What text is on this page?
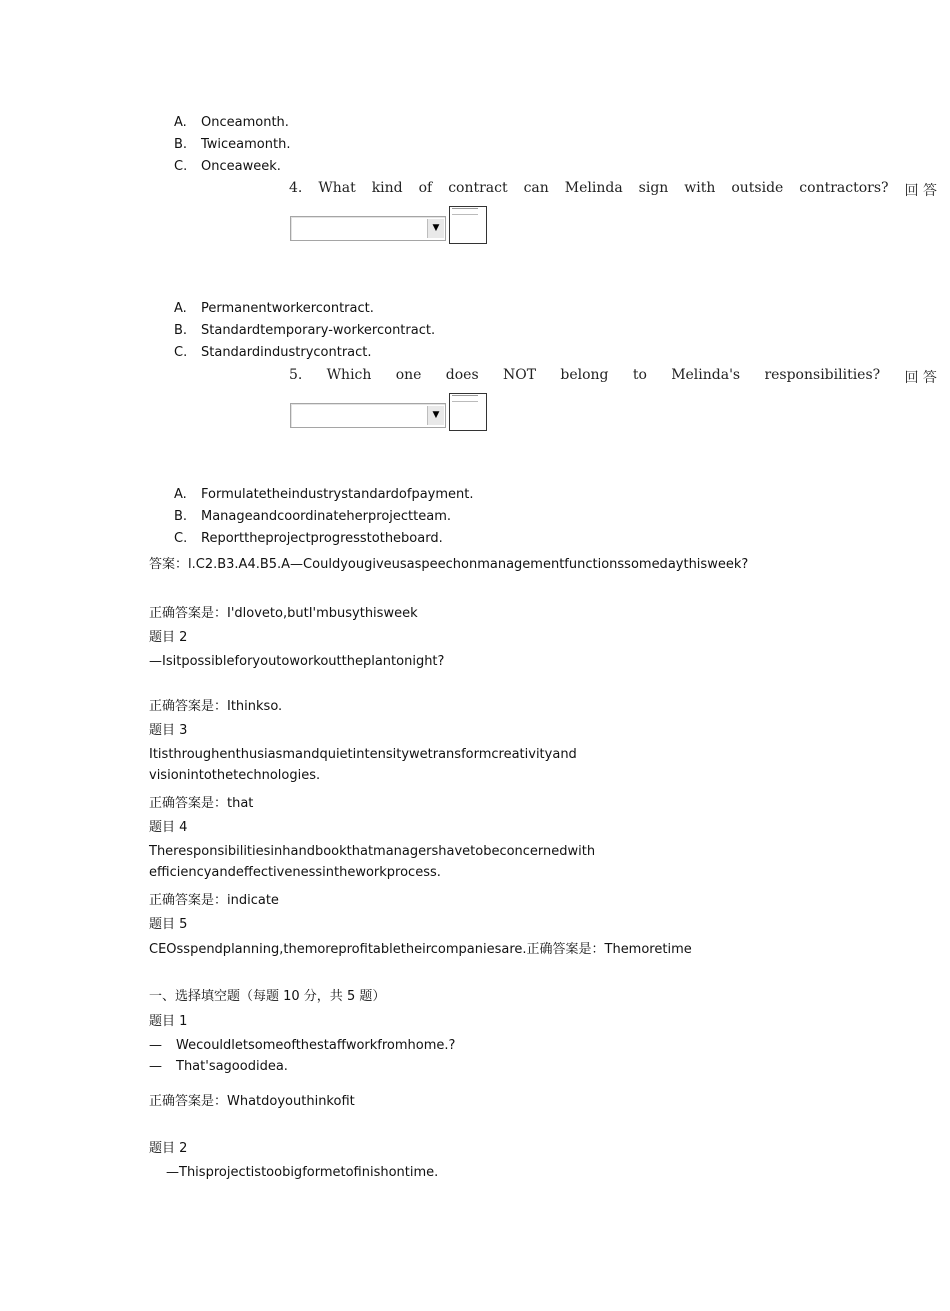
A. Onceamonth.
B. Twiceamonth.
C. Onceaweek.
4. What kind of contract can Melinda sign with outside contractors? 回 答
▼
A. Permanentworkercontract.
B. Standardtemporary-workercontract.
C. Standardindustrycontract.
5. Which one does NOT belong to Melinda's responsibilities? 回 答
▼
A. Formulatetheindustrystandardofpayment.
B. Manageandcoordinateherprojectteam.
C. Reporttheprojectprogresstotheboard.
答案：l.C2.B3.A4.B5.A—Couldyougiveusaspeechonmanagementfunctionssomedaythisweek?
正确答案是：I'dloveto,butI'mbusythisweek
题目 2
—Isitpossibleforyoutoworkouttheplantonight?
正确答案是：Ithinkso.
题目 3
Itisthroughenthusiasmandquietintensitywetransformcreativityand
visionintothetechnologies.
正确答案是：that
题目 4
Theresponsibilitiesinhandbookthatmanagershavetobeconcernedwith
efficiencyandeffectivenessintheworkprocess.
正确答案是：indicate
题目 5
CEOsspendplanning,themoreprofitabletheircompaniesare.正确答案是：Themoretime
一、选择填空题（每题 10 分，共 5 题）
题目 1
— Wecouldletsomeofthestaffworkfromhome.?
— That'sagoodidea.
正确答案是：Whatdoyouthinkofit
题目 2
—Thisprojectistoobigformetofinishontime.
